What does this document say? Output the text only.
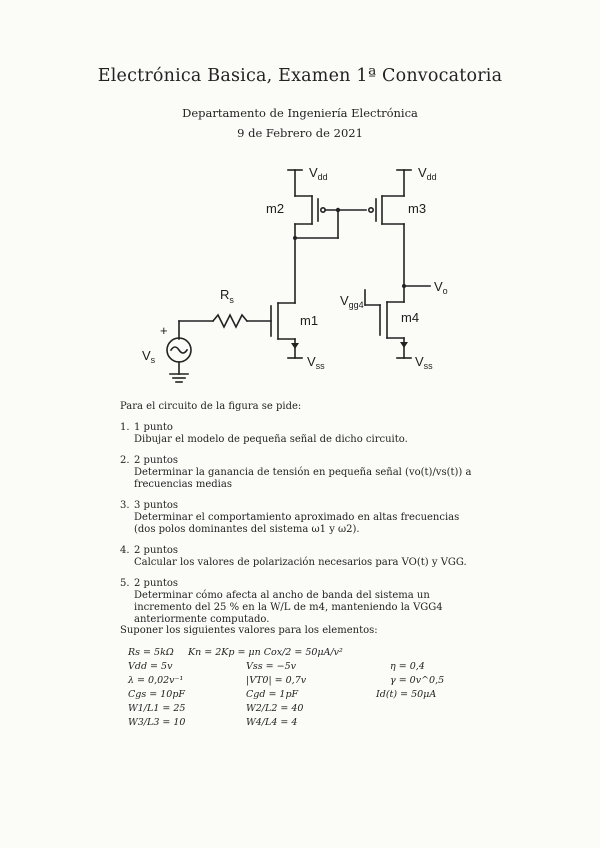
Electrónica Basica, Examen 1ª Convocatoria
Departamento de Ingeniería Electrónica
9 de Febrero de 2021
$V_{dd}$	$V_{dd}$
m2	m3
$R_s$
m1
$V_o$
$V_{gg4}$
m4
$V_s$
+
$V_{ss}$	$V_{ss}$
Para el circuito de la figura se pide:
1. 1 punto
Dibujar el modelo de pequeña señal de dicho circuito.
2. 2 puntos
Determinar la ganancia de tensión en pequeña señal (vo(t)/vs(t)) a frecuencias medias
3. 3 puntos
Determinar el comportamiento aproximado en altas frecuencias (dos polos dominantes del sistema ω1 y ω2).
4. 2 puntos
Calcular los valores de polarización necesarios para VO(t) y VGG.
5. 2 puntos
Determinar cómo afecta al ancho de banda del sistema un incremento del 25 % en la W/L de m4, manteniendo la VGG4 anteriormente computado.
Suponer los siguientes valores para los elementos:
Rs = 5kΩ Kn = 2Kp = μn Cox/2 = 50μA/v²
Vdd = 5v	Vss = −5v	η = 0,4
λ = 0,02v⁻¹	|VT0| = 0,7v	γ = 0v^0,5
Cgs = 10pF	Cgd = 1pF	Id(t) = 50μA
W1/L1 = 25	W2/L2 = 40
W3/L3 = 10	W4/L4 = 4
